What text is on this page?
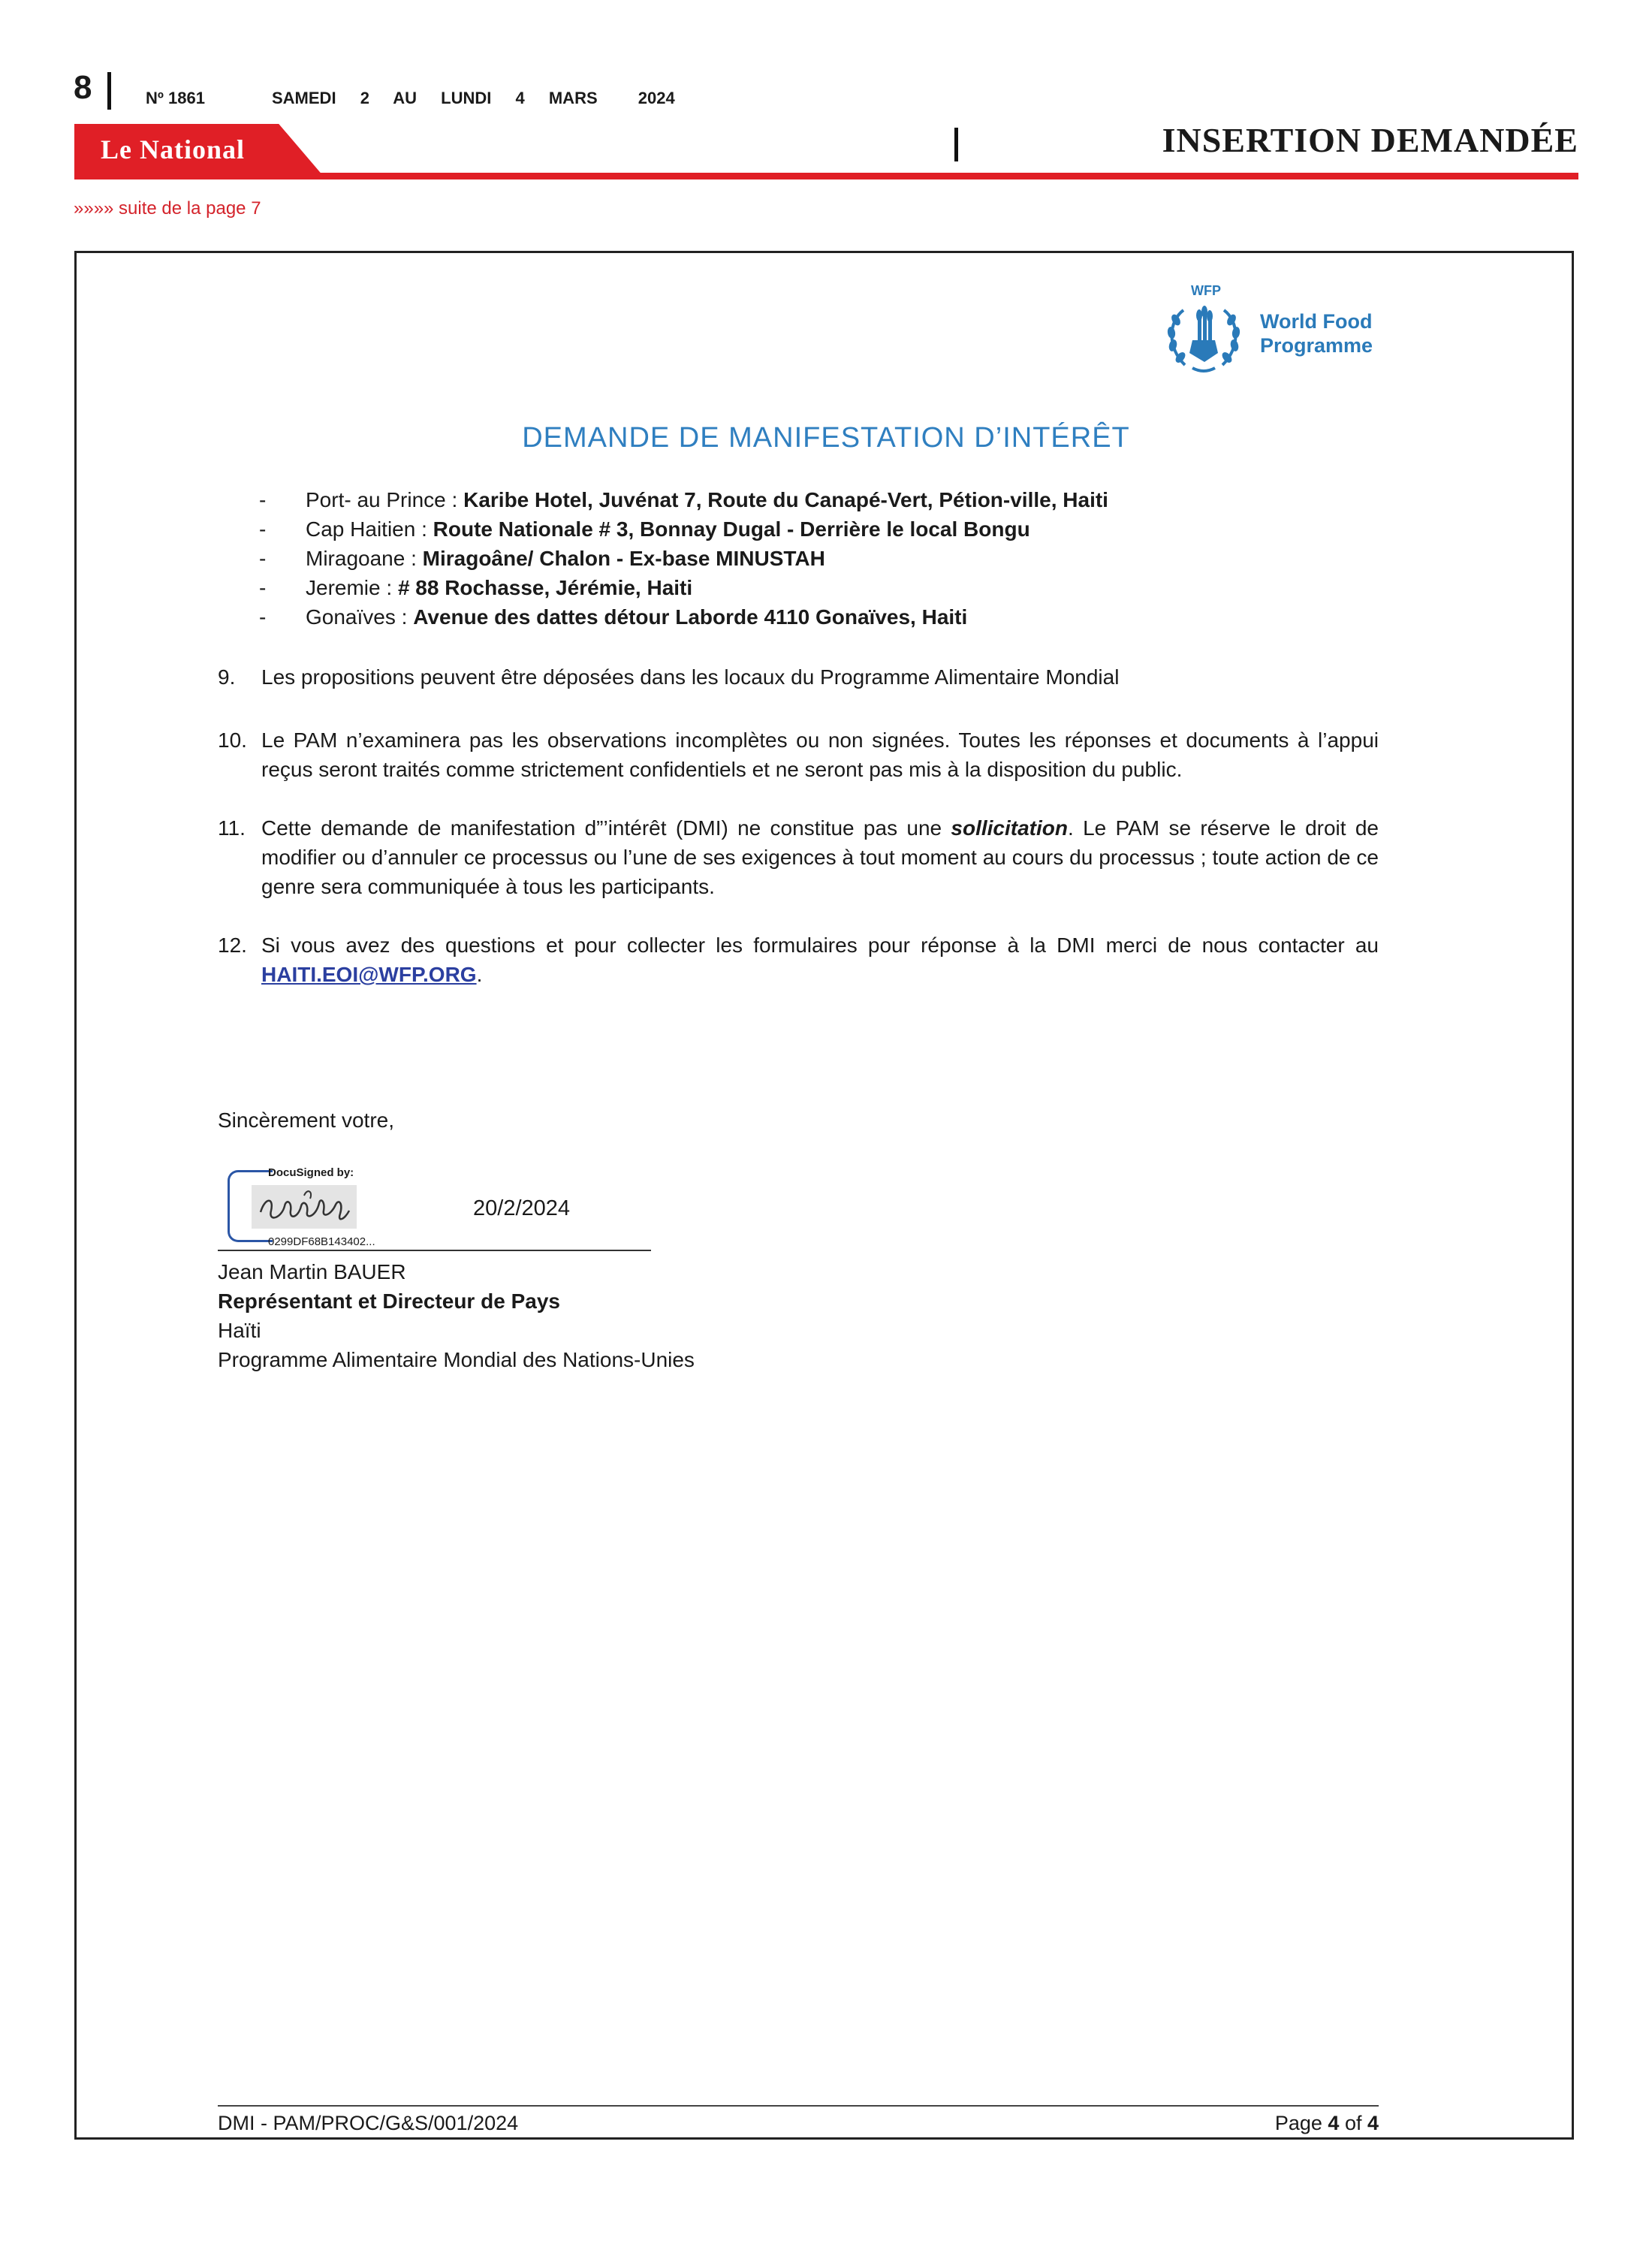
8	Nº 1861	SAMEDI 2 AU LUNDI 4 MARS 2024
Le National	INSERTION DEMANDÉE
»»»» suite de la page 7
WFP
World Food
Programme
DEMANDE DE MANIFESTATION D’INTÉRÊT
- Port- au Prince : Karibe Hotel, Juvénat 7, Route du Canapé-Vert, Pétion-ville, Haiti
- Cap Haitien : Route Nationale # 3, Bonnay Dugal - Derrière le local Bongu
- Miragoane : Miragoâne/ Chalon - Ex-base MINUSTAH
- Jeremie : # 88 Rochasse, Jérémie, Haiti
- Gonaïves : Avenue des dattes détour Laborde 4110 Gonaïves, Haiti
9. Les propositions peuvent être déposées dans les locaux du Programme Alimentaire Mondial
10. Le PAM n’examinera pas les observations incomplètes ou non signées. Toutes les réponses et documents à l’appui reçus seront traités comme strictement confidentiels et ne seront pas mis à la disposition du public.
11. Cette demande de manifestation d”’intérêt (DMI) ne constitue pas une sollicitation. Le PAM se réserve le droit de modifier ou d’annuler ce processus ou l’une de ses exigences à tout moment au cours du processus ; toute action de ce genre sera communiquée à tous les participants.
12. Si vous avez des questions et pour collecter les formulaires pour réponse à la DMI merci de nous contacter au HAITI.EOI@WFP.ORG.
Sincèrement votre,
DocuSigned by:
0299DF68B143402...
20/2/2024
Jean Martin BAUER
Représentant et Directeur de Pays
Haïti
Programme Alimentaire Mondial des Nations-Unies
DMI - PAM/PROC/G&S/001/2024	Page 4 of 4
